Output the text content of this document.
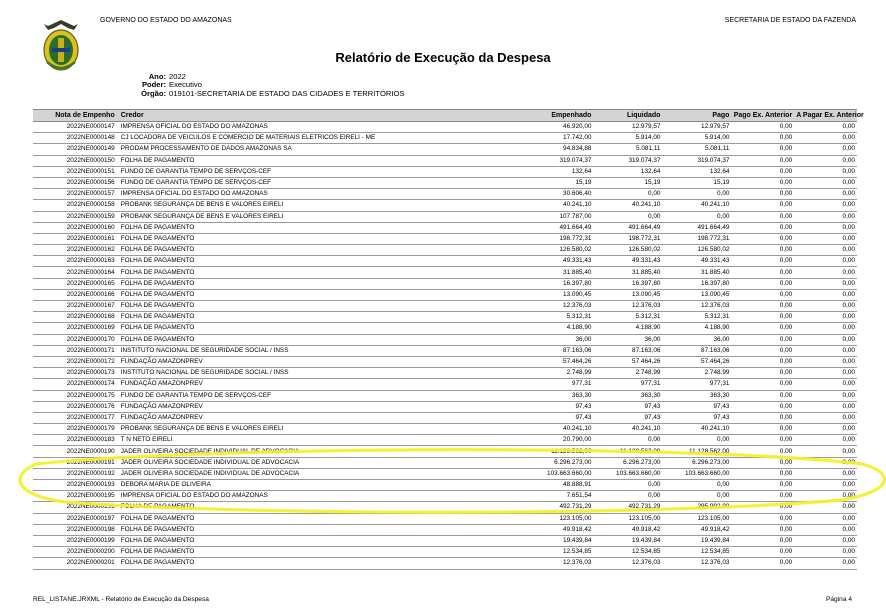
GOVERNO DO ESTADO DO AMAZONAS	SECRETARIA DE ESTADO DA FAZENDA
Relatório de Execução da Despesa
Ano: 2022
Poder: Executivo
Órgão: 019101-SECRETARIA DE ESTADO DAS CIDADES E TERRITÓRIOS
Nota de Empenho	Credor	Empenhado	Liquidado	Pago	Pago Ex. Anterior	A Pagar Ex. Anterior
2022NE0000147	IMPRENSA OFICIAL DO ESTADO DO AMAZONAS	46.920,00	12.979,57	12.979,57	0,00	0,00
2022NE0000148	CJ LOCADORA DE VEICULOS E COMERCIO DE MATERIAIS ELETRICOS EIRELI - ME	17.742,00	5.914,00	5.914,00	0,00	0,00
2022NE0000149	PRODAM PROCESSAMENTO DE DADOS AMAZONAS SA	94.834,88	5.081,11	5.081,11	0,00	0,00
2022NE0000150	FOLHA DE PAGAMENTO	319.074,37	319.074,37	319.074,37	0,00	0,00
2022NE0000151	FUNDO DE GARANTIA TEMPO DE SERVÇOS-CEF	132,64	132,64	132,64	0,00	0,00
2022NE0000156	FUNDO DE GARANTIA TEMPO DE SERVÇOS-CEF	15,19	15,19	15,19	0,00	0,00
2022NE0000157	IMPRENSA OFICIAL DO ESTADO DO AMAZONAS	30.606,40	0,00	0,00	0,00	0,00
2022NE0000158	PROBANK SEGURANÇA DE BENS E VALORES EIRELI	40.241,10	40.241,10	40.241,10	0,00	0,00
2022NE0000159	PROBANK SEGURANÇA DE BENS E VALORES EIRELI	107.787,00	0,00	0,00	0,00	0,00
2022NE0000160	FOLHA DE PAGAMENTO	491.664,49	491.664,49	491.664,49	0,00	0,00
2022NE0000161	FOLHA DE PAGAMENTO	198.772,31	198.772,31	198.772,31	0,00	0,00
2022NE0000162	FOLHA DE PAGAMENTO	126.580,02	126.580,02	126.580,02	0,00	0,00
2022NE0000163	FOLHA DE PAGAMENTO	49.331,43	49.331,43	49.331,43	0,00	0,00
2022NE0000164	FOLHA DE PAGAMENTO	31.885,40	31.885,40	31.885,40	0,00	0,00
2022NE0000165	FOLHA DE PAGAMENTO	16.397,80	16.397,80	16.397,80	0,00	0,00
2022NE0000166	FOLHA DE PAGAMENTO	13.090,45	13.090,45	13.090,45	0,00	0,00
2022NE0000167	FOLHA DE PAGAMENTO	12.376,03	12.376,03	12.376,03	0,00	0,00
2022NE0000168	FOLHA DE PAGAMENTO	5.312,31	5.312,31	5.312,31	0,00	0,00
2022NE0000169	FOLHA DE PAGAMENTO	4.188,90	4.188,90	4.188,90	0,00	0,00
2022NE0000170	FOLHA DE PAGAMENTO	36,00	36,00	36,00	0,00	0,00
2022NE0000171	INSTITUTO NACIONAL DE SEGURIDADE SOCIAL / INSS	87.163,06	87.163,06	87.163,06	0,00	0,00
2022NE0000172	FUNDAÇÃO AMAZONPREV	57.464,26	57.464,26	57.464,26	0,00	0,00
2022NE0000173	INSTITUTO NACIONAL DE SEGURIDADE SOCIAL / INSS	2.748,99	2.748,99	2.748,99	0,00	0,00
2022NE0000174	FUNDAÇÃO AMAZONPREV	977,31	977,31	977,31	0,00	0,00
2022NE0000175	FUNDO DE GARANTIA TEMPO DE SERVÇOS-CEF	363,30	363,30	363,30	0,00	0,00
2022NE0000176	FUNDAÇÃO AMAZONPREV	97,43	97,43	97,43	0,00	0,00
2022NE0000177	FUNDAÇÃO AMAZONPREV	97,43	97,43	97,43	0,00	0,00
2022NE0000179	PROBANK SEGURANÇA DE BENS E VALORES EIRELI	40.241,10	40.241,10	40.241,10	0,00	0,00
2022NE0000183	T N NETO EIRELI	20.790,00	0,00	0,00	0,00	0,00
2022NE0000190	JADER OLIVEIRA SOCIEDADE INDIVIDUAL DE ADVOCACIA	11.128.562,00	11.128.562,00	11.128.562,00	0,00	0,00
2022NE0000191	JADER OLIVEIRA SOCIEDADE INDIVIDUAL DE ADVOCACIA	6.296.273,00	6.296.273,00	6.296.273,00	0,00	0,00
2022NE0000192	JADER OLIVEIRA SOCIEDADE INDIVIDUAL DE ADVOCACIA	103.663.660,00	103.663.660,00	103.663.660,00	0,00	0,00
2022NE0000193	DEBORA MARIA DE OLIVEIRA	48.888,91	0,00	0,00	0,00	0,00
2022NE0000195	IMPRENSA OFICIAL DO ESTADO DO AMAZONAS	7.651,54	0,00	0,00	0,00	0,00
2022NE0000196	FOLHA DE PAGAMENTO	492.731,29	492.731,29	295.992,98	0,00	0,00
2022NE0000197	FOLHA DE PAGAMENTO	123.105,00	123.105,00	123.105,00	0,00	0,00
2022NE0000198	FOLHA DE PAGAMENTO	49.918,42	49.918,42	49.918,42	0,00	0,00
2022NE0000199	FOLHA DE PAGAMENTO	19.439,84	19.439,84	19.439,84	0,00	0,00
2022NE0000200	FOLHA DE PAGAMENTO	12.534,85	12.534,85	12.534,85	0,00	0,00
2022NE0000201	FOLHA DE PAGAMENTO	12.376,03	12.376,03	12.376,03	0,00	0,00
REL_LISTANE.JRXML - Relatório de Execução da Despesa	Página 4
